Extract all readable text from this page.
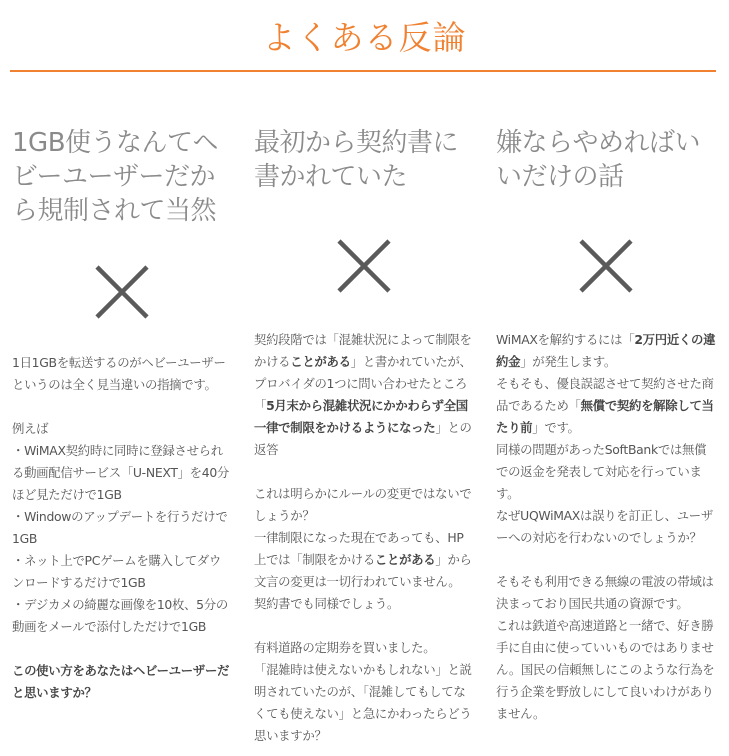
よくある反論
1GB使うなんてヘビーユーザーだから規制されて当然

1日1GBを転送するのがヘビーユーザーというのは全く見当違いの指摘です。

例えば

・WiMAX契約時に同時に登録させられる動画配信サービス「U-NEXT」を40分ほど見ただけで1GB

・Windowのアップデートを行うだけで1GB

・ネット上でPCゲームを購入してダウンロードするだけで1GB

・デジカメの綺麗な画像を10枚、5分の動画をメールで添付しただけで1GB

この使い方をあなたはヘビーユーザーだと思いますか？

最初から契約書に書かれていた

契約段階では「混雑状況によって制限をかけることがある」と書かれていたが、プロバイダの1つに問い合わせたところ「5月末から混雑状況にかかわらず全国一律で制限をかけるようになった」との返答

これは明らかにルールの変更ではないでしょうか？

一律制限になった現在であっても、HP上では「制限をかけることがある」から文言の変更は一切行われていません。

契約書でも同様でしょう。

有料道路の定期券を買いました。

「混雑時は使えないかもしれない」と説明されていたのが、「混雑してもしてなくても使えない」と急にかわったらどう思いますか？

嫌ならやめればいいだけの話

WiMAXを解約するには「2万円近くの違約金」が発生します。

そもそも、優良誤認させて契約させた商品であるため「無償で契約を解除して当たり前」です。

同様の問題があったSoftBankでは無償での返金を発表して対応を行っています。

なぜUQWiMAXは誤りを訂正し、ユーザーへの対応を行わないのでしょうか？

そもそも利用できる無線の電波の帯域は決まっており国民共通の資源です。

これは鉄道や高速道路と一緒で、好き勝手に自由に使っていいものではありません。国民の信頼無しにこのような行為を行う企業を野放しにして良いわけがありません。
